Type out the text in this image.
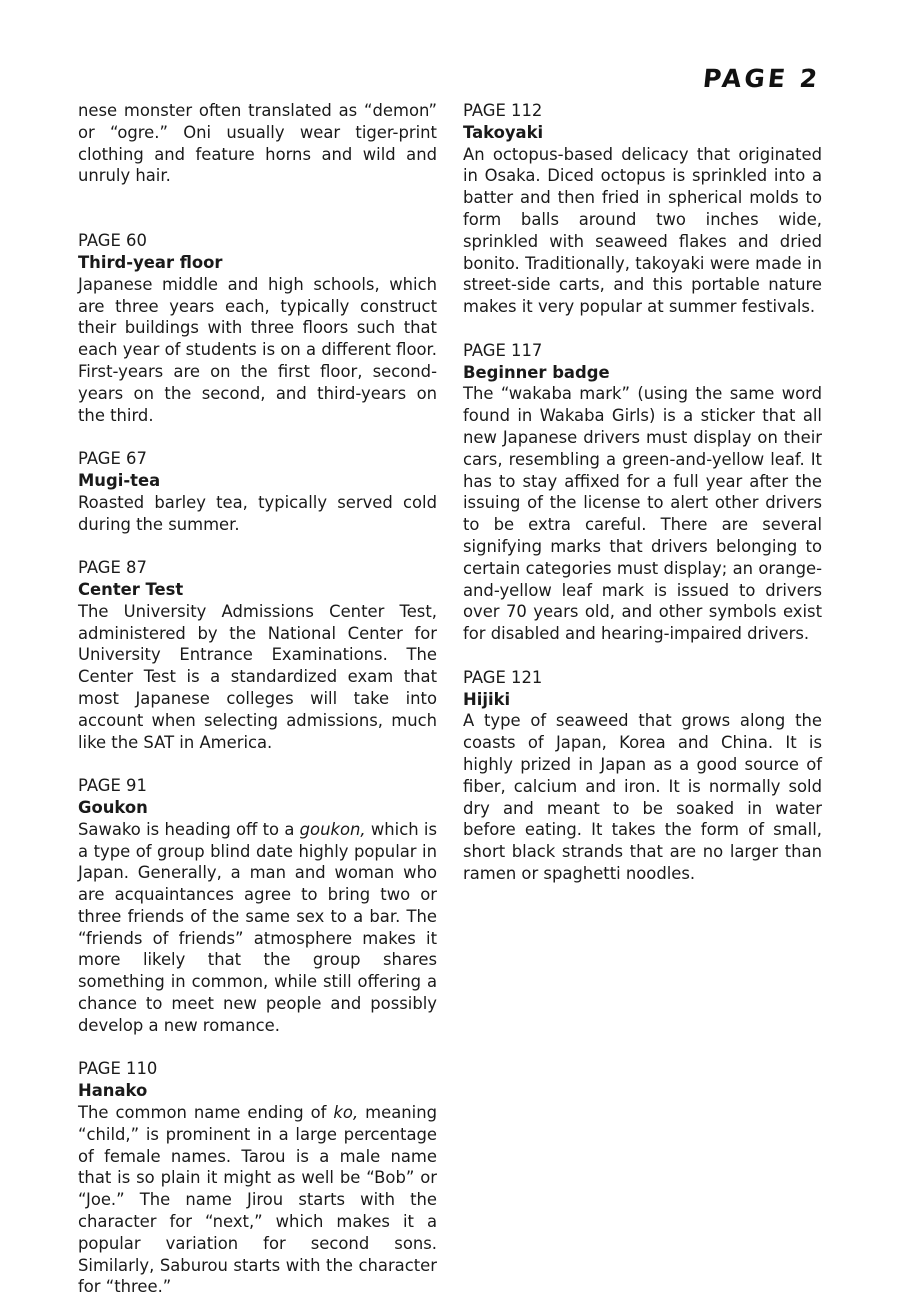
PAGE 2

nese monster often translated as “demon” or “ogre.” Oni usually wear tiger-print clothing and feature horns and wild and unruly hair.

PAGE 60
Third-year floor

Japanese middle and high schools, which are three years each, typically construct their buildings with three floors such that each year of students is on a different floor. First-years are on the first floor, second-years on the second, and third-years on the third.

PAGE 67
Mugi-tea

Roasted barley tea, typically served cold during the summer.

PAGE 87
Center Test

The University Admissions Center Test, administered by the National Center for University Entrance Examinations. The Center Test is a standardized exam that most Japanese colleges will take into account when selecting admissions, much like the SAT in America.

PAGE 91
Goukon

Sawako is heading off to a goukon, which is a type of group blind date highly popular in Japan. Generally, a man and woman who are acquaintances agree to bring two or three friends of the same sex to a bar. The “friends of friends” atmosphere makes it more likely that the group shares something in common, while still offering a chance to meet new people and possibly develop a new romance.

PAGE 110
Hanako

The common name ending of ko, meaning “child,” is prominent in a large percentage of female names. Tarou is a male name that is so plain it might as well be “Bob” or “Joe.” The name Jirou starts with the character for “next,” which makes it a popular variation for second sons. Similarly, Saburou starts with the character for “three.”

PAGE 112
Takoyaki

An octopus-based delicacy that originated in Osaka. Diced octopus is sprinkled into a batter and then fried in spherical molds to form balls around two inches wide, sprinkled with seaweed flakes and dried bonito. Traditionally, takoyaki were made in street-side carts, and this portable nature makes it very popular at summer festivals.

PAGE 117
Beginner badge

The “wakaba mark” (using the same word found in Wakaba Girls) is a sticker that all new Japanese drivers must display on their cars, resembling a green-and-yellow leaf. It has to stay affixed for a full year after the issuing of the license to alert other drivers to be extra careful. There are several signifying marks that drivers belonging to certain categories must display; an orange-and-yellow leaf mark is issued to drivers over 70 years old, and other symbols exist for disabled and hearing-impaired drivers.

PAGE 121
Hijiki

A type of seaweed that grows along the coasts of Japan, Korea and China. It is highly prized in Japan as a good source of fiber, calcium and iron. It is normally sold dry and meant to be soaked in water before eating. It takes the form of small, short black strands that are no larger than ramen or spaghetti noodles.
